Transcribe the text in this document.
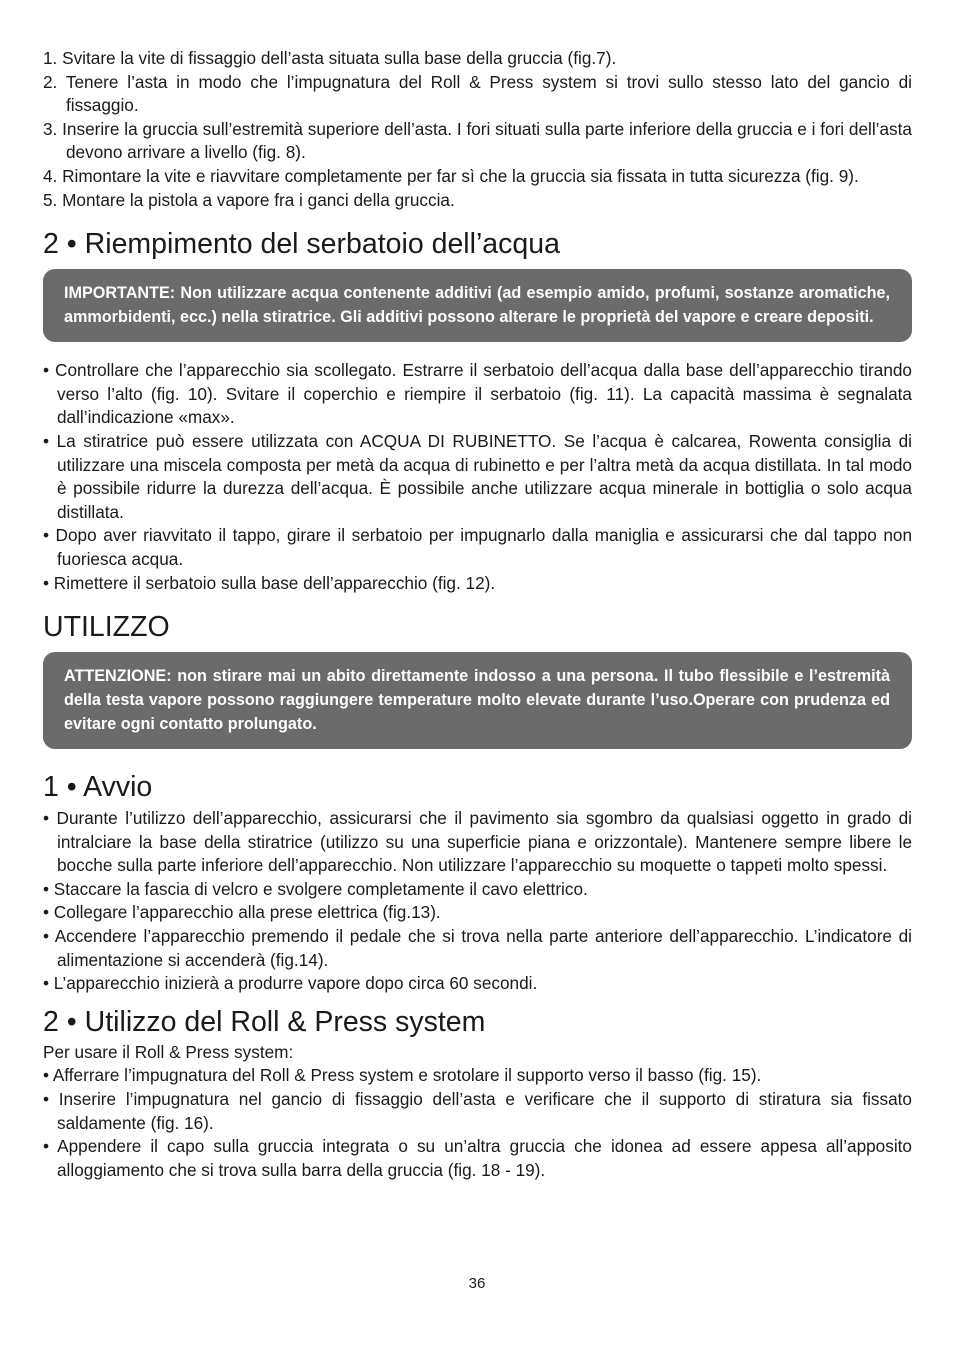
1. Svitare la vite di fissaggio dell’asta situata sulla base della gruccia (fig.7).

2. Tenere l’asta in modo che l’impugnatura del Roll & Press system si trovi sullo stesso lato del gancio di fissaggio.

3. Inserire la gruccia sull’estremità superiore dell’asta. I fori situati sulla parte inferiore della gruccia e i fori dell’asta devono arrivare a livello (fig. 8).

4. Rimontare la vite e riavvitare completamente per far sì che la gruccia sia fissata in tutta sicurezza (fig. 9).

5. Montare la pistola a vapore fra i ganci della gruccia.

2 • Riempimento del serbatoio dell’acqua
IMPORTANTE: Non utilizzare acqua contenente additivi (ad esempio amido, profumi, sostanze aromatiche, ammorbidenti, ecc.) nella stiratrice. Gli additivi possono alterare le proprietà del vapore e creare depositi.

• Controllare che l’apparecchio sia scollegato. Estrarre il serbatoio dell’acqua dalla base dell’apparecchio tirando verso l’alto (fig. 10). Svitare il coperchio e riempire il serbatoio (fig. 11). La capacità massima è segnalata dall’indicazione «max».

• La stiratrice può essere utilizzata con ACQUA DI RUBINETTO. Se l’acqua è calcarea, Rowenta consiglia di utilizzare una miscela composta per metà da acqua di rubinetto e per l’altra metà da acqua distillata. In tal modo è possibile ridurre la durezza dell’acqua. È possibile anche utilizzare acqua minerale in bottiglia o solo acqua distillata.

• Dopo aver riavvitato il tappo, girare il serbatoio per impugnarlo dalla maniglia e assicurarsi che dal tappo non fuoriesca acqua.

• Rimettere il serbatoio sulla base dell’apparecchio (fig. 12).

UTILIZZO
ATTENZIONE: non stirare mai un abito direttamente indosso a una persona. Il tubo flessibile e l’estremità della testa vapore possono raggiungere temperature molto elevate durante l’uso.Operare con prudenza ed evitare ogni contatto prolungato.
1 • Avvio

• Durante l’utilizzo dell’apparecchio, assicurarsi che il pavimento sia sgombro da qualsiasi oggetto in grado di intralciare la base della stiratrice (utilizzo su una superficie piana e orizzontale). Mantenere sempre libere le bocche sulla parte inferiore dell’apparecchio. Non utilizzare l’apparecchio su moquette o tappeti molto spessi.

• Staccare la fascia di velcro e svolgere completamente il cavo elettrico.

• Collegare l’apparecchio alla prese elettrica (fig.13).

• Accendere l’apparecchio premendo il pedale che si trova nella parte anteriore dell’apparecchio. L’indicatore di alimentazione si accenderà (fig.14).

• L’apparecchio inizierà a produrre vapore dopo circa 60 secondi.

2 • Utilizzo del Roll & Press system

Per usare il Roll & Press system:

• Afferrare l’impugnatura del Roll & Press system e srotolare il supporto verso il basso (fig. 15).

• Inserire l’impugnatura nel gancio di fissaggio dell’asta e verificare che il supporto di stiratura sia fissato saldamente (fig. 16).

• Appendere il capo sulla gruccia integrata o su un’altra gruccia che idonea ad essere appesa all’apposito alloggiamento che si trova sulla barra della gruccia (fig. 18 - 19).

36
